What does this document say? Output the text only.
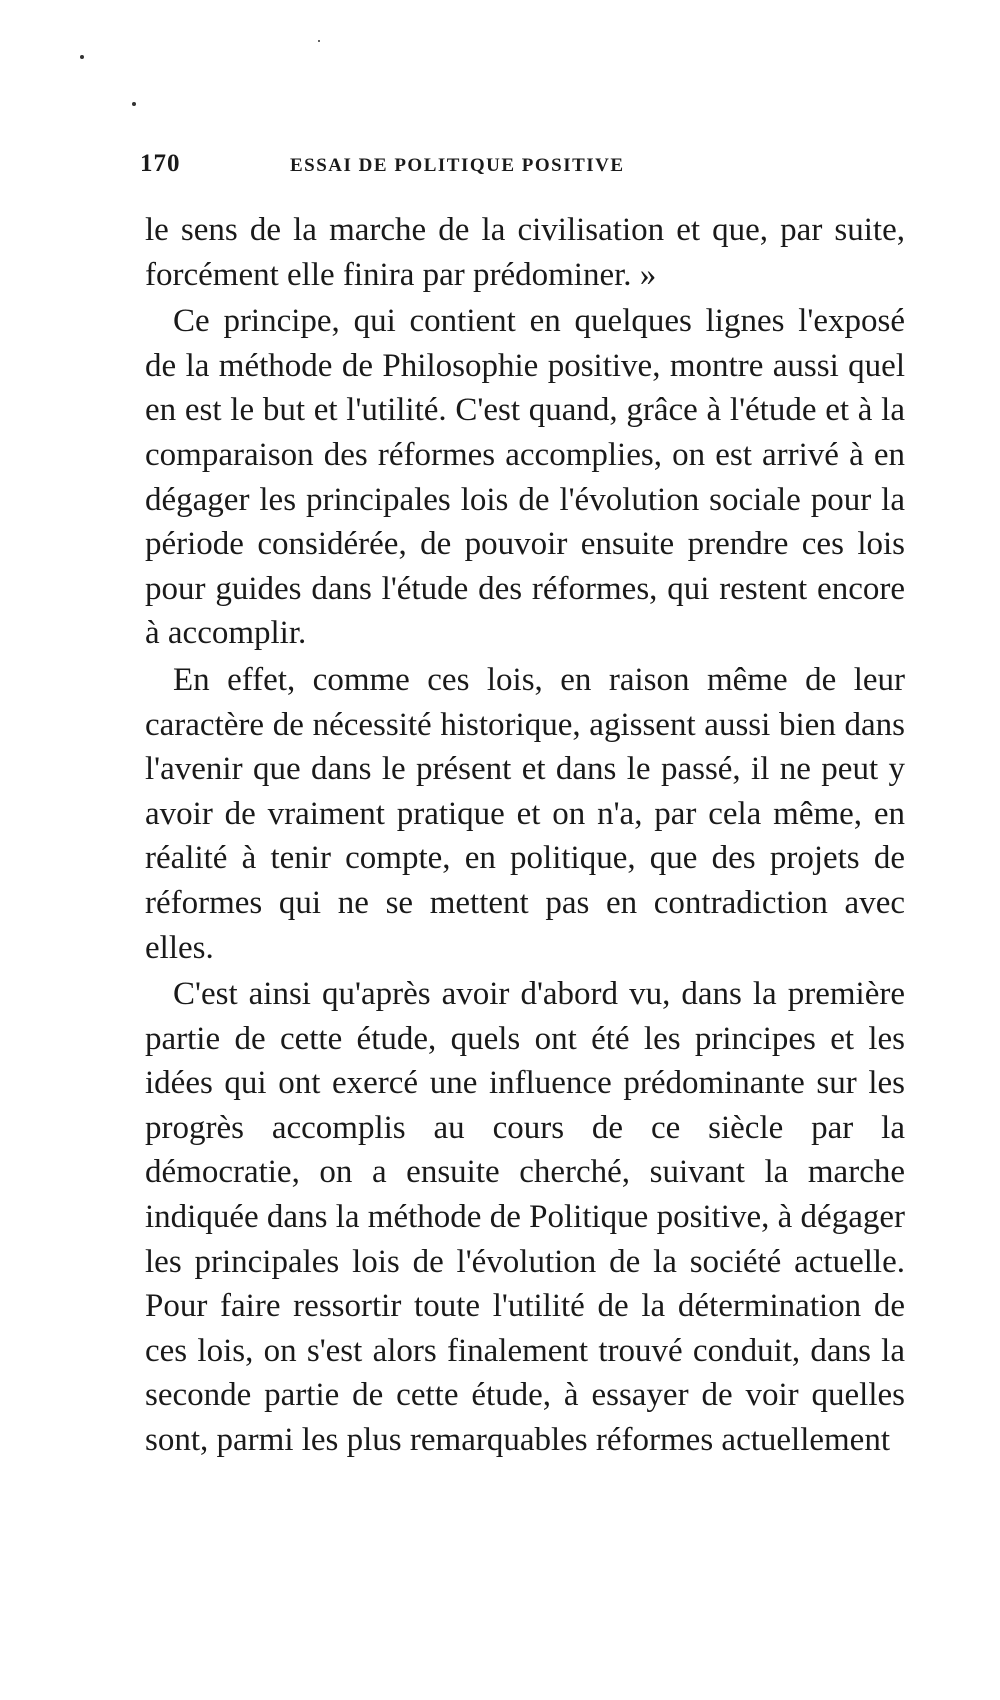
170	ESSAI DE POLITIQUE POSITIVE

le sens de la marche de la civilisation et que, par suite, forcément elle finira par prédominer. »

Ce principe, qui contient en quelques lignes l'exposé de la méthode de Philosophie positive, montre aussi quel en est le but et l'utilité. C'est quand, grâce à l'étude et à la comparaison des réformes accomplies, on est arrivé à en dégager les principales lois de l'évolution sociale pour la période considérée, de pouvoir ensuite prendre ces lois pour guides dans l'étude des réformes, qui restent encore à accomplir.

En effet, comme ces lois, en raison même de leur caractère de nécessité historique, agissent aussi bien dans l'avenir que dans le présent et dans le passé, il ne peut y avoir de vraiment pratique et on n'a, par cela même, en réalité à tenir compte, en politique, que des projets de réformes qui ne se mettent pas en contradiction avec elles.

C'est ainsi qu'après avoir d'abord vu, dans la première partie de cette étude, quels ont été les principes et les idées qui ont exercé une influence prédominante sur les progrès accomplis au cours de ce siècle par la démocratie, on a ensuite cherché, suivant la marche indiquée dans la méthode de Politique positive, à dégager les principales lois de l'évolution de la société actuelle. Pour faire ressortir toute l'utilité de la détermination de ces lois, on s'est alors finalement trouvé conduit, dans la seconde partie de cette étude, à essayer de voir quelles sont, parmi les plus remarquables réformes actuellement
